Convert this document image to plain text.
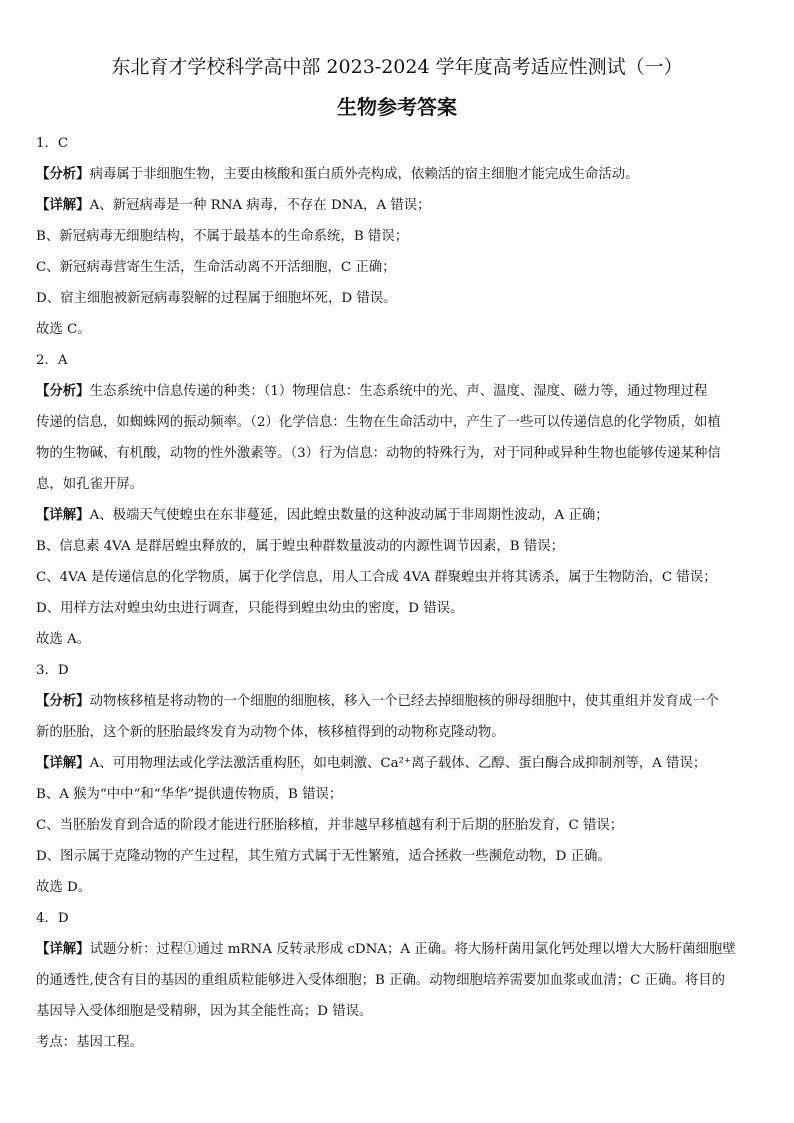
东北育才学校科学高中部 2023-2024 学年度高考适应性测试（一）
生物参考答案
1．C
【分析】病毒属于非细胞生物，主要由核酸和蛋白质外壳构成，依赖活的宿主细胞才能完成生命活动。
【详解】A、新冠病毒是一种 RNA 病毒，不存在 DNA，A 错误；
B、新冠病毒无细胞结构，不属于最基本的生命系统，B 错误；
C、新冠病毒营寄生生活，生命活动离不开活细胞，C 正确；
D、宿主细胞被新冠病毒裂解的过程属于细胞坏死，D 错误。
故选 C。
2．A
【分析】生态系统中信息传递的种类：（1）物理信息：生态系统中的光、声、温度、湿度、磁力等，通过物理过程
传递的信息，如蜘蛛网的振动频率。（2）化学信息：生物在生命活动中，产生了一些可以传递信息的化学物质，如植
物的生物碱、有机酸，动物的性外激素等。（3）行为信息：动物的特殊行为，对于同种或异种生物也能够传递某种信
息，如孔雀开屏。
【详解】A、极端天气使蝗虫在东非蔓延，因此蝗虫数量的这种波动属于非周期性波动，A 正确；
B、信息素 4VA 是群居蝗虫释放的，属于蝗虫种群数量波动的内源性调节因素，B 错误；
C、4VA 是传递信息的化学物质，属于化学信息，用人工合成 4VA 群聚蝗虫并将其诱杀，属于生物防治，C 错误；
D、用样方法对蝗虫幼虫进行调查，只能得到蝗虫幼虫的密度，D 错误。
故选 A。
3．D
【分析】动物核移植是将动物的一个细胞的细胞核，移入一个已经去掉细胞核的卵母细胞中，使其重组并发育成一个
新的胚胎，这个新的胚胎最终发育为动物个体，核移植得到的动物称克隆动物。
【详解】A、可用物理法或化学法激活重构胚，如电刺激、Ca²⁺离子载体、乙醇、蛋白酶合成抑制剂等，A 错误；
B、A 猴为“中中”和“华华”提供遗传物质，B 错误；
C、当胚胎发育到合适的阶段才能进行胚胎移植，并非越早移植越有利于后期的胚胎发育，C 错误；
D、图示属于克隆动物的产生过程，其生殖方式属于无性繁殖，适合拯救一些濒危动物，D 正确。
故选 D。
4．D
【详解】试题分析：过程①通过 mRNA 反转录形成 cDNA；A 正确。将大肠杆菌用氯化钙处理以增大大肠杆菌细胞壁
的通透性,使含有目的基因的重组质粒能够进入受体细胞；B 正确。动物细胞培养需要加血浆或血清；C 正确。将目的
基因导入受体细胞是受精卵，因为其全能性高；D 错误。
考点：基因工程。
